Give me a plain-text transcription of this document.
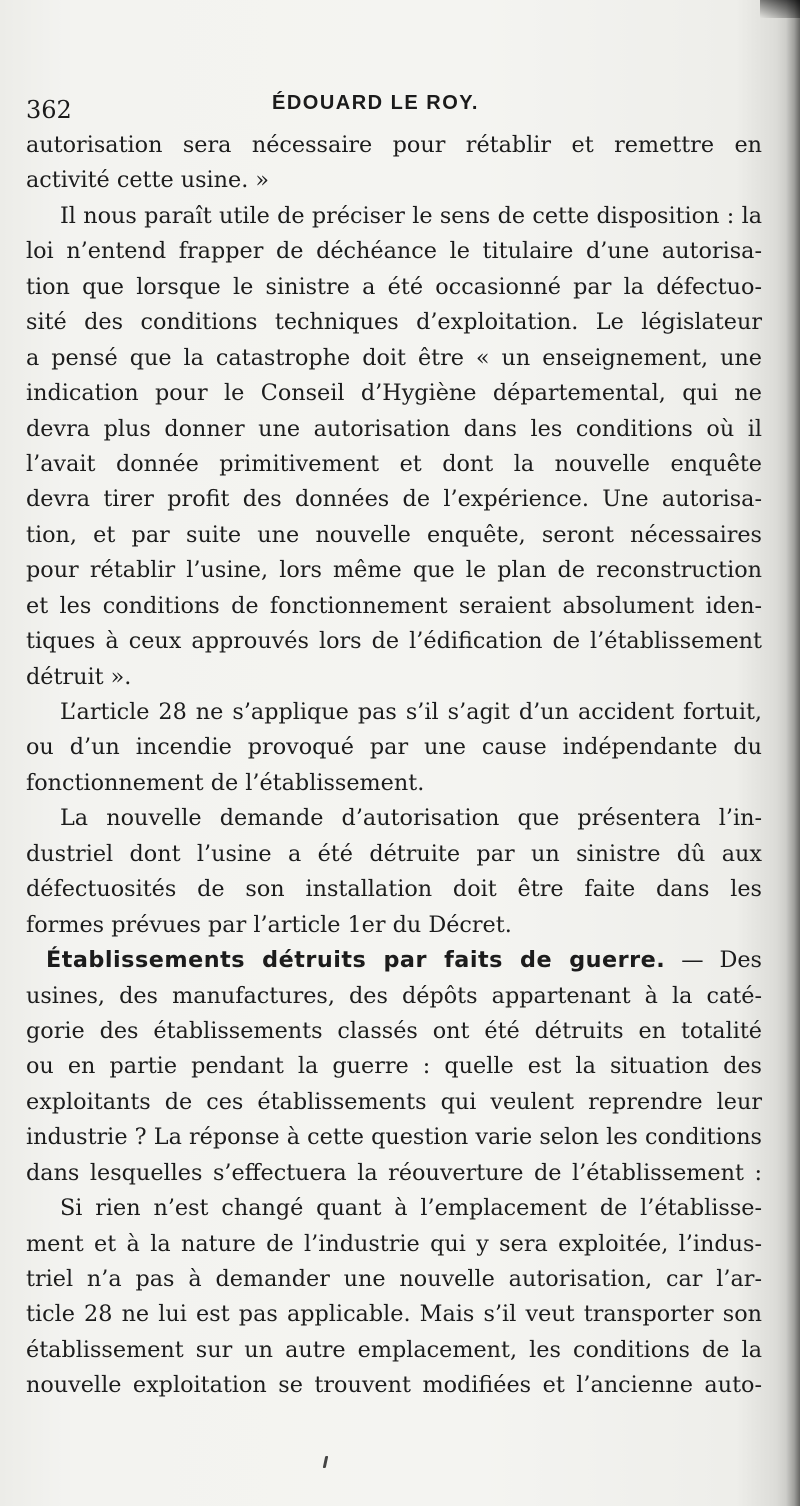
362	ÉDOUARD LE ROY.
autorisation sera nécessaire pour rétablir et remettre en
activité cette usine. »
Il nous paraît utile de préciser le sens de cette disposition : la
loi n’entend frapper de déchéance le titulaire d’une autorisa-
tion que lorsque le sinistre a été occasionné par la défectuo-
sité des conditions techniques d’exploitation. Le législateur
a pensé que la catastrophe doit être « un enseignement, une
indication pour le Conseil d’Hygiène départemental, qui ne
devra plus donner une autorisation dans les conditions où il
l’avait donnée primitivement et dont la nouvelle enquête
devra tirer profit des données de l’expérience. Une autorisa-
tion, et par suite une nouvelle enquête, seront nécessaires
pour rétablir l’usine, lors même que le plan de reconstruction
et les conditions de fonctionnement seraient absolument iden-
tiques à ceux approuvés lors de l’édification de l’établissement
détruit ».
L’article 28 ne s’applique pas s’il s’agit d’un accident fortuit,
ou d’un incendie provoqué par une cause indépendante du
fonctionnement de l’établissement.
La nouvelle demande d’autorisation que présentera l’in-
dustriel dont l’usine a été détruite par un sinistre dû aux
défectuosités de son installation doit être faite dans les
formes prévues par l’article 1er du Décret.
Établissements détruits par faits de guerre. — Des
usines, des manufactures, des dépôts appartenant à la caté-
gorie des établissements classés ont été détruits en totalité
ou en partie pendant la guerre : quelle est la situation des
exploitants de ces établissements qui veulent reprendre leur
industrie ? La réponse à cette question varie selon les conditions
dans lesquelles s’effectuera la réouverture de l’établissement :
Si rien n’est changé quant à l’emplacement de l’établisse-
ment et à la nature de l’industrie qui y sera exploitée, l’indus-
triel n’a pas à demander une nouvelle autorisation, car l’ar-
ticle 28 ne lui est pas applicable. Mais s’il veut transporter son
établissement sur un autre emplacement, les conditions de la
nouvelle exploitation se trouvent modifiées et l’ancienne auto-
